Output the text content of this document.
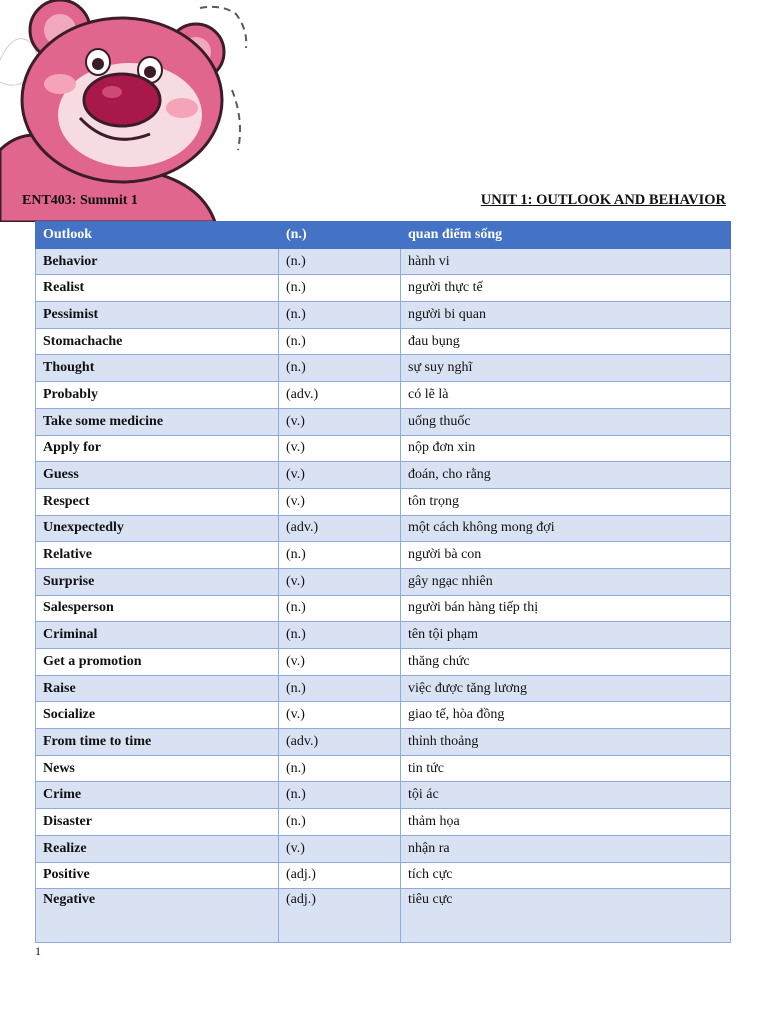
ENT403: Summit 1	UNIT 1: OUTLOOK AND BEHAVIOR
Outlook	(n.)	quan điểm sống
Behavior	(n.)	hành vi
Realist	(n.)	người thực tế
Pessimist	(n.)	người bi quan
Stomachache	(n.)	đau bụng
Thought	(n.)	sự suy nghĩ
Probably	(adv.)	có lẽ là
Take some medicine	(v.)	uống thuốc
Apply for	(v.)	nộp đơn xin
Guess	(v.)	đoán, cho rằng
Respect	(v.)	tôn trọng
Unexpectedly	(adv.)	một cách không mong đợi
Relative	(n.)	người bà con
Surprise	(v.)	gây ngạc nhiên
Salesperson	(n.)	người bán hàng tiếp thị
Criminal	(n.)	tên tội phạm
Get a promotion	(v.)	thăng chức
Raise	(n.)	việc được tăng lương
Socialize	(v.)	giao tế, hòa đồng
From time to time	(adv.)	thỉnh thoảng
News	(n.)	tin tức
Crime	(n.)	tội ác
Disaster	(n.)	thảm họa
Realize	(v.)	nhận ra
Positive	(adj.)	tích cực
Negative	(adj.)	tiêu cực
1
